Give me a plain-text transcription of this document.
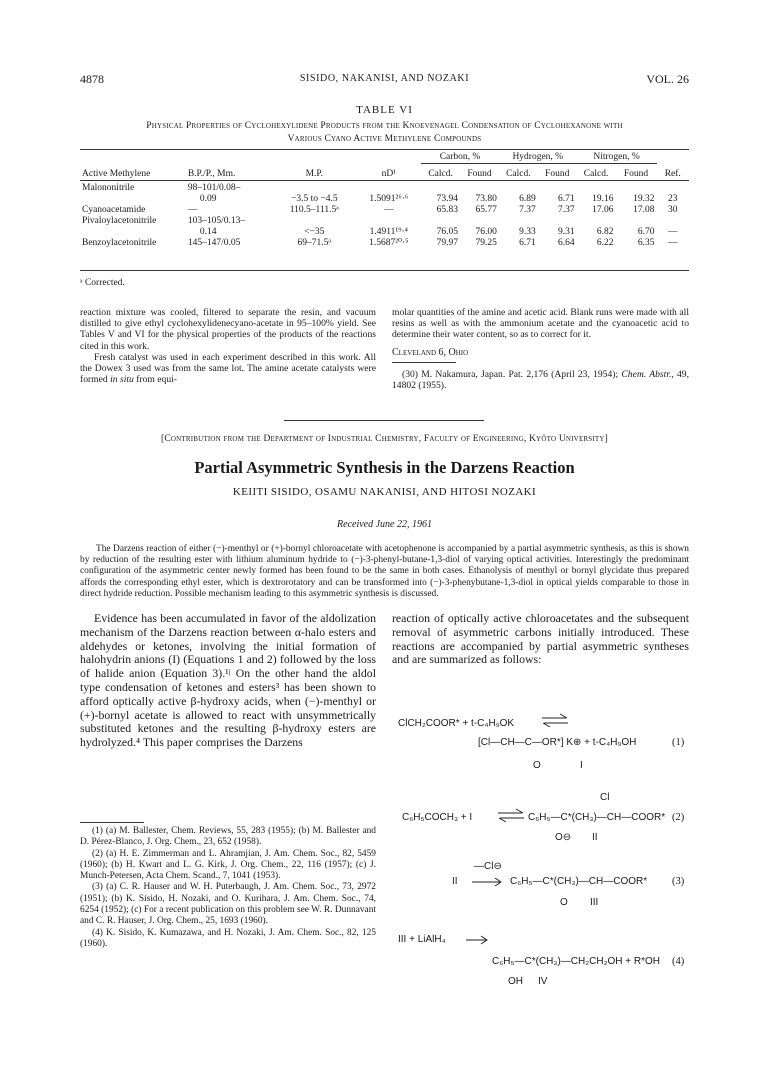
4878	SISIDO, NAKANISI, AND NOZAKI	VOL. 26
TABLE VI
Physical Properties of Cyclohexylidene Products from the Knoevenagel Condensation of Cyclohexanone with
Various Cyano Active Methylene Compounds
				Carbon, %		Hydrogen, %		Nitrogen, %		

Active Methylene	B.P./P., Mm.	M.P.	nD¹	Calcd.	Found	Calcd.	Found	Calcd.	Found	Ref.

Malononitrile	98–101/0.08–									
	0.09	−3.5 to −4.5	1.5091²⁶·⁶	73.94	73.80	6.89	6.71	19.16	19.32	23
Cyanoacetamide	—	110.5–111.5ᵃ	—	65.83	65.77	7.37	7.37	17.06	17.08	30
Pivaloylacetonitrile	103–105/0.13–									
	0.14	<−35	1.4911¹⁹·⁴	76.05	76.00	9.33	9.31	6.82	6.70	—
Benzoylacetonitrile	145–147/0.05	69–71.5ᵃ	1.5687²⁰·⁵	79.97	79.25	6.71	6.64	6.22	6.35	—
ᵃ Corrected.
reaction mixture was cooled, filtered to separate the resin, and vacuum distilled to give ethyl cyclohexylidenecyano-acetate in 95–100% yield. See Tables V and VI for the physical properties of the products of the reactions cited in this work.
Fresh catalyst was used in each experiment described in this work. All the Dowex 3 used was from the same lot. The amine acetate catalysts were formed in situ from equi-
molar quantities of the amine and acetic acid. Blank runs were made with all resins as well as with the ammonium acetate and the cyanoacetic acid to determine their water content, so as to correct for it.
Cleveland 6, Ohio
(30) M. Nakamura, Japan. Pat. 2,176 (April 23, 1954); Chem. Abstr., 49, 14802 (1955).
[Contribution from the Department of Industrial Chemistry, Faculty of Engineering, Kyôto University]
Partial Asymmetric Synthesis in the Darzens Reaction
KEIITI SISIDO, OSAMU NAKANISI, AND HITOSI NOZAKI
Received June 22, 1961
The Darzens reaction of either (−)-menthyl or (+)-bornyl chloroacetate with acetophenone is accompanied by a partial asymmetric synthesis, as this is shown by reduction of the resulting ester with lithium aluminum hydride to (−)-3-phenyl-butane-1,3-diol of varying optical activities. Interestingly the predominant configuration of the asymmetric center newly formed has been found to be the same in both cases. Ethanolysis of menthyl or bornyl glycidate thus prepared affords the corresponding ethyl ester, which is dextrorotatory and can be transformed into (−)-3-phenybutane-1,3-diol in optical yields comparable to those in direct hydride reduction. Possible mechanism leading to this asymmetric synthesis is discussed.
Evidence has been accumulated in favor of the aldolization mechanism of the Darzens reaction between α-halo esters and aldehydes or ketones, involving the initial formation of halohydrin anions (I) (Equations 1 and 2) followed by the loss of halide anion (Equation 3).¹ʲ On the other hand the aldol type condensation of ketones and esters³ has been shown to afford optically active β-hydroxy acids, when (−)-menthyl or (+)-bornyl acetate is allowed to react with unsymmetrically substituted ketones and the resulting β-hydroxy esters are hydrolyzed.⁴ This paper comprises the Darzens

(1) (a) M. Ballester, Chem. Reviews, 55, 283 (1955); (b) M. Ballester and D. Pérez-Blanco, J. Org. Chem., 23, 652 (1958).

(2) (a) H. E. Zimmerman and L. Ahramjian, J. Am. Chem. Soc., 82, 5459 (1960); (b) H. Kwart and L. G. Kirk, J. Org. Chem., 22, 116 (1957); (c) J. Munch-Petersen, Acta Chem. Scand., 7, 1041 (1953).

(3) (a) C. R. Hauser and W. H. Puterbaugh, J. Am. Chem. Soc., 73, 2972 (1951); (b) K. Sisido, H. Nozaki, and O. Kurihara, J. Am. Chem. Soc., 74, 6254 (1952); (c) For a recent publication on this problem see W. R. Dunnavant and C. R. Hauser, J. Org. Chem., 25, 1693 (1960).

(4) K. Sisido, K. Kumazawa, and H. Nozaki, J. Am. Chem. Soc., 82, 125 (1960).

reaction of optically active chloroacetates and the subsequent removal of asymmetric carbons initially introduced. These reactions are accompanied by partial asymmetric syntheses and are summarized as follows:
ClCH₂COOR* + t-C₄H₉OK
[Cl—CH—C—OR*] K⊕ + t-C₄H₉OH
O	I
(1)
Cl
C₆H₅COCH₃ + I ⇌ C₆H₅—C*(CH₃)—CH—COOR*
O⊖ II
(2)
—Cl⊖
II → C₆H₅—C*(CH₃)—CH—COOR*
O III
(3)
III + LiAlH₄ →
C₆H₅—C*(CH₃)—CH₂CH₂OH + R*OH
OH IV
(4)
